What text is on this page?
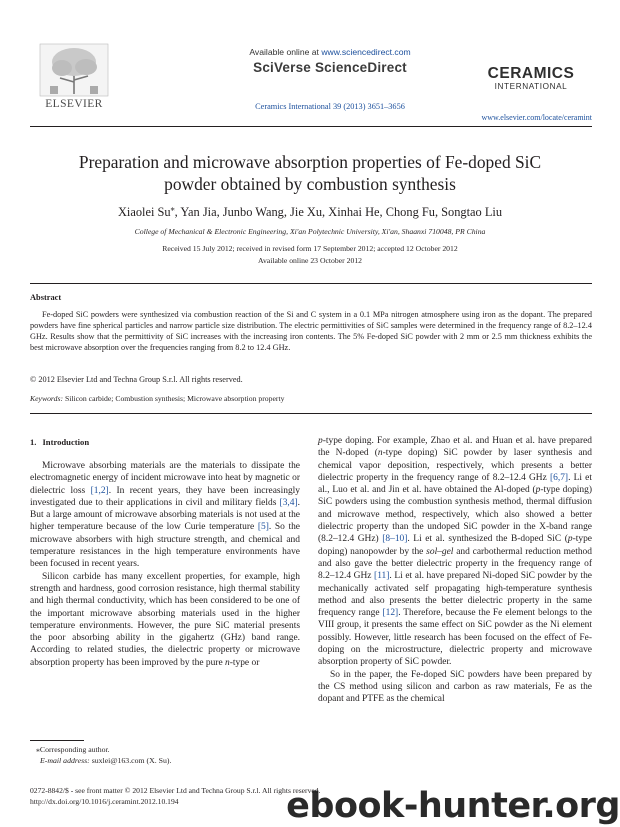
ELSEVIER
Available online at www.sciencedirect.com
SciVerse ScienceDirect
Ceramics International 39 (2013) 3651–3656
CERAMICS
INTERNATIONAL
www.elsevier.com/locate/ceramint
Preparation and microwave absorption properties of Fe-doped SiC
powder obtained by combustion synthesis
Xiaolei Su⁎, Yan Jia, Junbo Wang, Jie Xu, Xinhai He, Chong Fu, Songtao Liu
College of Mechanical & Electronic Engineering, Xi'an Polytechnic University, Xi'an, Shaanxi 710048, PR China
Received 15 July 2012; received in revised form 17 September 2012; accepted 12 October 2012
Available online 23 October 2012
Abstract
Fe-doped SiC powders were synthesized via combustion reaction of the Si and C system in a 0.1 MPa nitrogen atmosphere using iron as the dopant. The prepared powders have fine spherical particles and narrow particle size distribution. The electric permittivities of SiC samples were determined in the frequency range of 8.2–12.4 GHz. Results show that the permittivity of SiC increases with the increasing iron contents. The 5% Fe-doped SiC powder with 2 mm or 2.5 mm thickness exhibits the best microwave absorption over the frequencies ranging from 8.2 to 12.4 GHz.
© 2012 Elsevier Ltd and Techna Group S.r.l. All rights reserved.
Keywords: Silicon carbide; Combustion synthesis; Microwave absorption property
1. Introduction

Microwave absorbing materials are the materials to dissipate the electromagnetic energy of incident microwave into heat by magnetic or dielectric loss [1,2]. In recent years, they have been increasingly investigated due to their applications in civil and military fields [3,4]. But a large amount of microwave absorbing materials is not used at the higher temperature because of the low Curie temperature [5]. So the microwave absorbers with high structure strength, and chemical and temperature resistances in the high temperature environments have been focused in recent years.

Silicon carbide has many excellent properties, for example, high strength and hardness, good corrosion resistance, high thermal stability and high thermal conductivity, which has been considered to be one of the important microwave absorbing materials used in the higher temperature environments. However, the pure SiC material presents the poor absorbing ability in the gigahertz (GHz) band range. According to related studies, the dielectric property or microwave absorption property has been improved by the pure n-type or

p-type doping. For example, Zhao et al. and Huan et al. have prepared the N-doped (n-type doping) SiC powder by laser synthesis and chemical vapor deposition, respectively, which presents a better dielectric property in the frequency range of 8.2–12.4 GHz [6,7]. Li et al., Luo et al. and Jin et al. have obtained the Al-doped (p-type doping) SiC powders using the combustion synthesis method, thermal diffusion and microwave method, respectively, which also showed a better dielectric property than the undoped SiC powder in the X-band range (8.2–12.4 GHz) [8–10]. Li et al. synthesized the B-doped SiC (p-type doping) nanopowder by the sol–gel and carbothermal reduction method and also gave the better dielectric property in the frequency range of 8.2–12.4 GHz [11]. Li et al. have prepared Ni-doped SiC powder by the mechanically activated self propagating high-temperature synthesis method and also presents the better dielectric property in the same frequency range [12]. Therefore, because the Fe element belongs to the VIII group, it presents the same effect on SiC powder as the Ni element possibly. However, little research has been focused on the effect of Fe-doping on the microstructure, dielectric property and microwave absorption property of SiC powder.

So in the paper, the Fe-doped SiC powders have been prepared by the CS method using silicon and carbon as raw materials, Fe as the dopant and PTFE as the chemical

⁎Corresponding author.
E-mail address: suxlei@163.com (X. Su).
0272-8842/$ - see front matter © 2012 Elsevier Ltd and Techna Group S.r.l. All rights reserved.
http://dx.doi.org/10.1016/j.ceramint.2012.10.194	ebook-hunter.org
